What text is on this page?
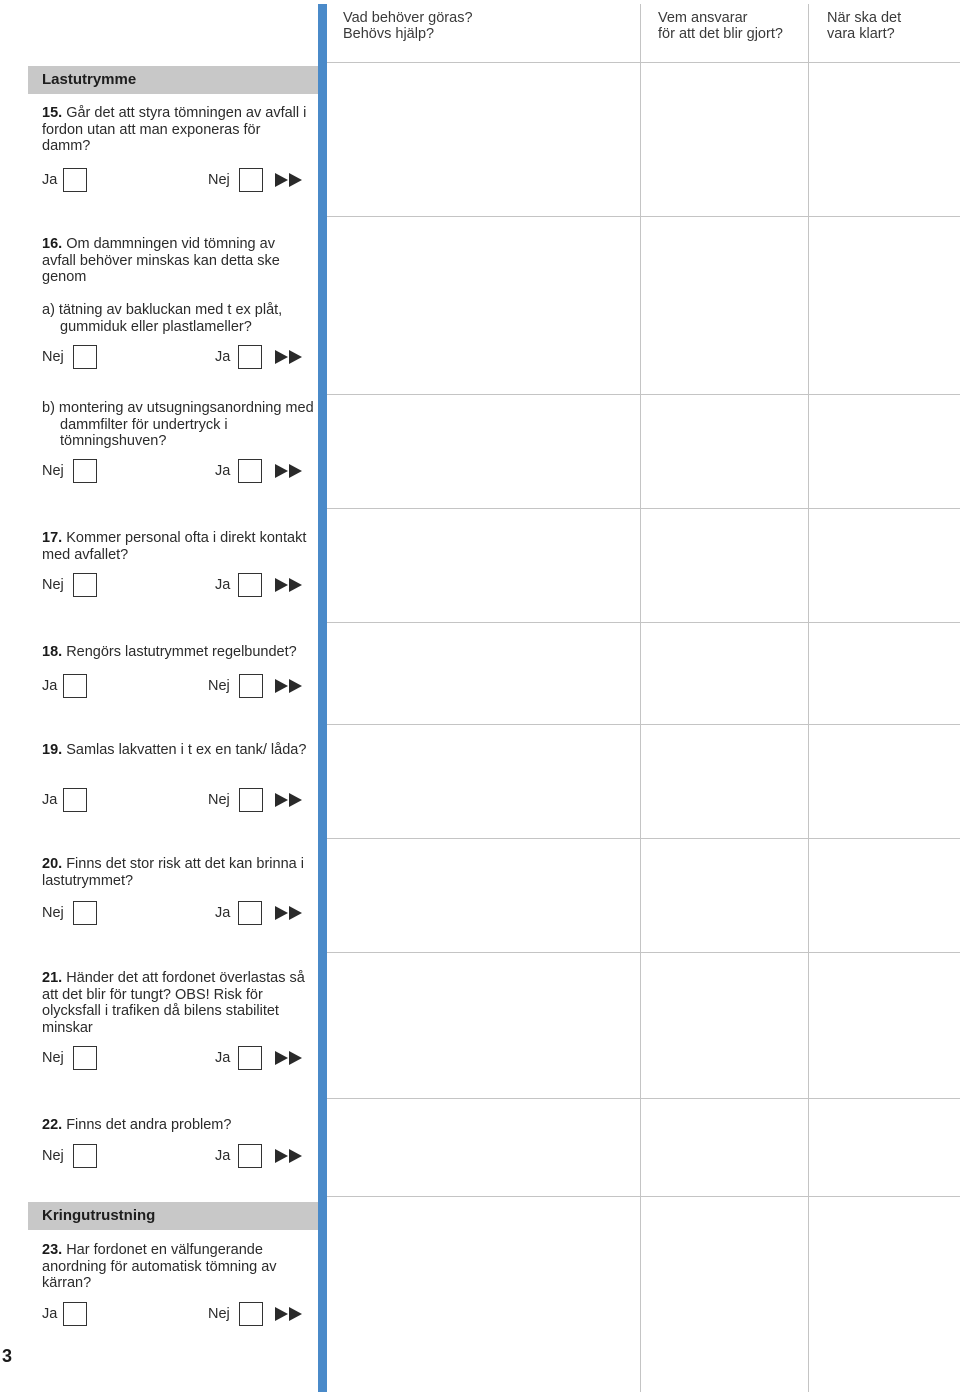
Vad behöver göras?
Behövs hjälp?
Vem ansvarar
för att det blir gjort?
När ska det
vara klart?
Lastutrymme
15. Går det att styra tömningen av avfall i fordon utan att man exponeras för damm?
Ja	Nej
16. Om dammningen vid tömning av avfall behöver minskas kan detta ske genom
a) tätning av bakluckan med t ex plåt, gummiduk eller plastlameller?
Nej	Ja
b) montering av utsugningsanordning med dammfilter för undertryck i tömningshuven?
Nej	Ja
17. Kommer personal ofta i direkt kontakt med avfallet?
Nej	Ja
18. Rengörs lastutrymmet regelbundet?
Ja	Nej
19. Samlas lakvatten i t ex en tank/ låda?
Ja	Nej
20. Finns det stor risk att det kan brinna i lastutrymmet?
Nej	Ja
21. Händer det att fordonet överlastas så att det blir för tungt? OBS! Risk för olycksfall i trafiken då bilens stabilitet minskar
Nej	Ja
22. Finns det andra problem?
Nej	Ja
Kringutrustning
23. Har fordonet en välfungerande anordning för automatisk tömning av kärran?
Ja	Nej
3
